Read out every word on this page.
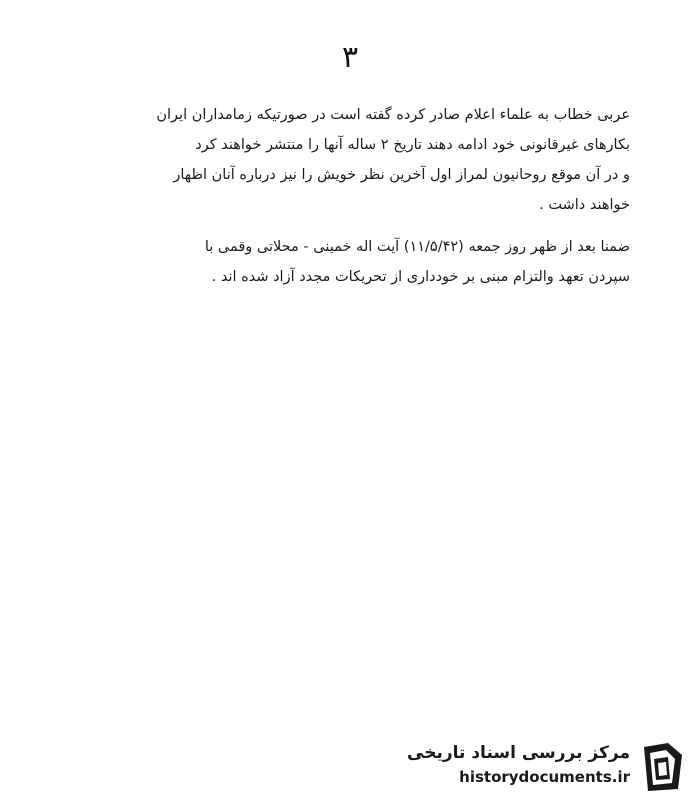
۳
عربی خطاب به علماء اعلام صادر کرده گفته است در صورتیکه زمامداران ایران
بکارهای غیرقانونی خود ادامه دهند تاریخ ۲ ساله آنها را منتشر خواهند کرد
و در آن موقع روحانیون لمراز اول آخرین نظر خویش را نیز درباره آنان اظهار
خواهند داشت .
ضمنا بعد از ظهر روز جمعه (۱۱/۵/۴۲) آیت اله خمینی - محلاتی وقمی با
سپردن تعهد والتزام مبنی بر خودداری از تحریکات مجدد آزاد شده اند .
مرکز بررسی اسناد تاریخی
historydocuments.ir
